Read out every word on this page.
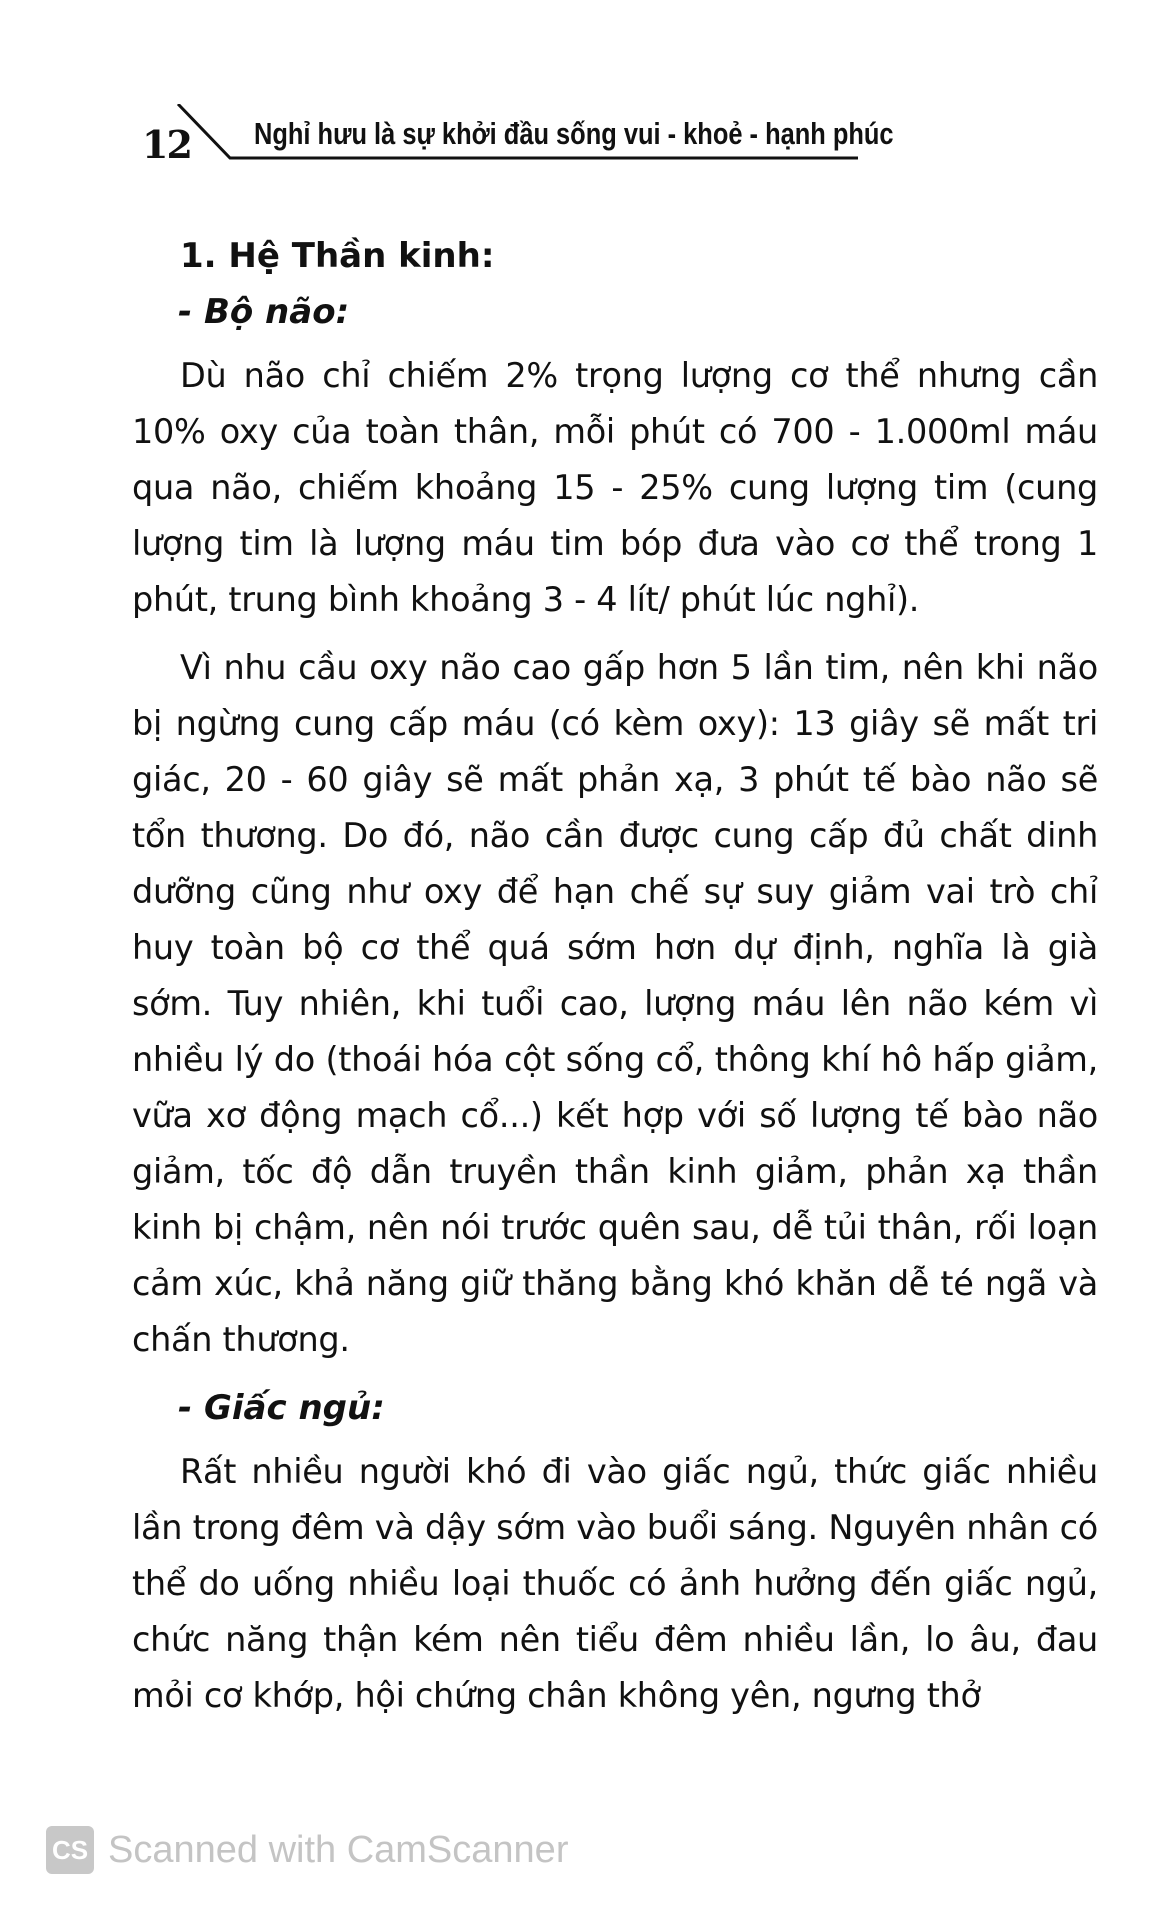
12 Nghỉ hưu là sự khởi đầu sống vui - khoẻ - hạnh phúc
1. Hệ Thần kinh:
- Bộ não:

Dù não chỉ chiếm 2% trọng lượng cơ thể nhưng cần 10% oxy của toàn thân, mỗi phút có 700 - 1.000ml máu qua não, chiếm khoảng 15 - 25% cung lượng tim (cung lượng tim là lượng máu tim bóp đưa vào cơ thể trong 1 phút, trung bình khoảng 3 - 4 lít/ phút lúc nghỉ).

Vì nhu cầu oxy não cao gấp hơn 5 lần tim, nên khi não bị ngừng cung cấp máu (có kèm oxy): 13 giây sẽ mất tri giác, 20 - 60 giây sẽ mất phản xạ, 3 phút tế bào não sẽ tổn thương. Do đó, não cần được cung cấp đủ chất dinh dưỡng cũng như oxy để hạn chế sự suy giảm vai trò chỉ huy toàn bộ cơ thể quá sớm hơn dự định, nghĩa là già sớm. Tuy nhiên, khi tuổi cao, lượng máu lên não kém vì nhiều lý do (thoái hóa cột sống cổ, thông khí hô hấp giảm, vữa xơ động mạch cổ...) kết hợp với số lượng tế bào não giảm, tốc độ dẫn truyền thần kinh giảm, phản xạ thần kinh bị chậm, nên nói trước quên sau, dễ tủi thân, rối loạn cảm xúc, khả năng giữ thăng bằng khó khăn dễ té ngã và chấn thương.

- Giấc ngủ:

Rất nhiều người khó đi vào giấc ngủ, thức giấc nhiều lần trong đêm và dậy sớm vào buổi sáng. Nguyên nhân có thể do uống nhiều loại thuốc có ảnh hưởng đến giấc ngủ, chức năng thận kém nên tiểu đêm nhiều lần, lo âu, đau mỏi cơ khớp, hội chứng chân không yên, ngưng thở

CS Scanned with CamScanner
